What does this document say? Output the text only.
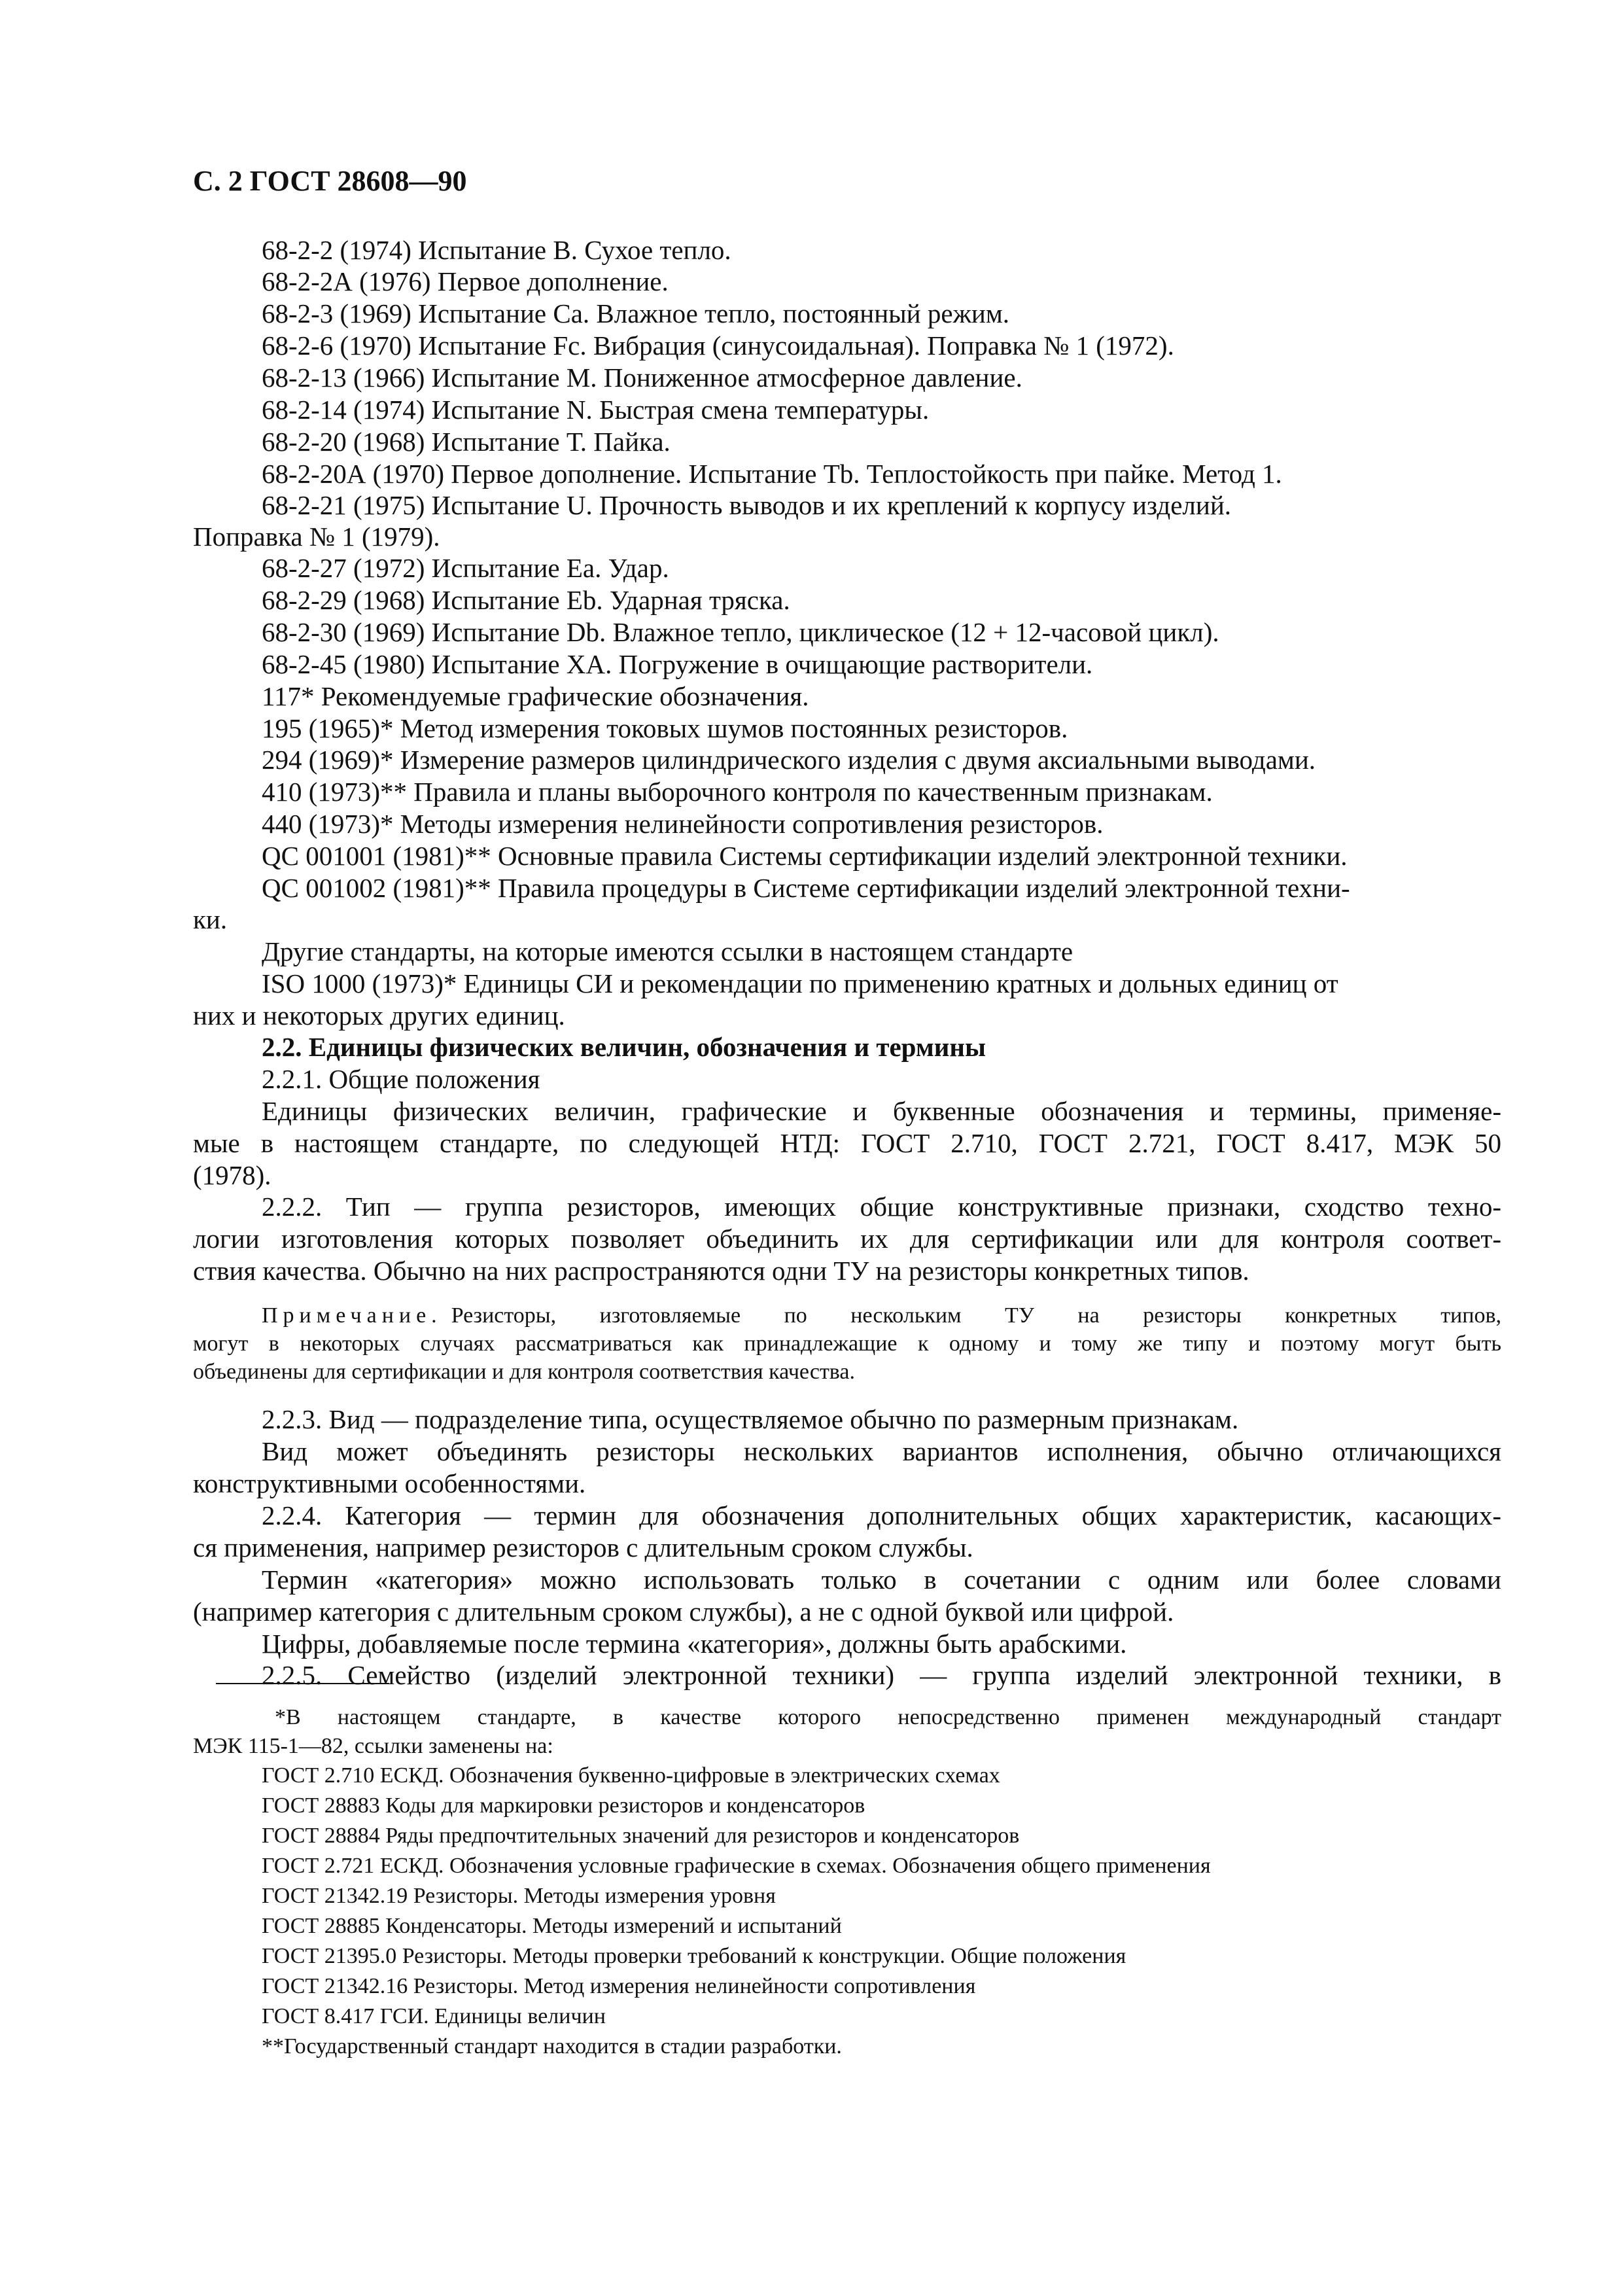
С. 2 ГОСТ 28608—90
68-2-2 (1974) Испытание В. Сухое тепло.
68-2-2А (1976) Первое дополнение.
68-2-3 (1969) Испытание Са. Влажное тепло, постоянный режим.
68-2-6 (1970) Испытание Fc. Вибрация (синусоидальная). Поправка № 1 (1972).
68-2-13 (1966) Испытание М. Пониженное атмосферное давление.
68-2-14 (1974) Испытание N. Быстрая смена температуры.
68-2-20 (1968) Испытание Т. Пайка.
68-2-20А (1970) Первое дополнение. Испытание Tb. Теплостойкость при пайке. Метод 1.
68-2-21 (1975) Испытание U. Прочность выводов и их креплений к корпусу изделий.
Поправка № 1 (1979).
68-2-27 (1972) Испытание Еа. Удар.
68-2-29 (1968) Испытание Eb. Ударная тряска.
68-2-30 (1969) Испытание Db. Влажное тепло, циклическое (12 + 12-часовой цикл).
68-2-45 (1980) Испытание ХА. Погружение в очищающие растворители.
117* Рекомендуемые графические обозначения.
195 (1965)* Метод измерения токовых шумов постоянных резисторов.
294 (1969)* Измерение размеров цилиндрического изделия с двумя аксиальными выводами.
410 (1973)** Правила и планы выборочного контроля по качественным признакам.
440 (1973)* Методы измерения нелинейности сопротивления резисторов.
QC 001001 (1981)** Основные правила Системы сертификации изделий электронной техники.
QC 001002 (1981)** Правила процедуры в Системе сертификации изделий электронной техни-
ки.
Другие стандарты, на которые имеются ссылки в настоящем стандарте
ISO 1000 (1973)* Единицы СИ и рекомендации по применению кратных и дольных единиц от
них и некоторых других единиц.
2.2. Единицы физических величин, обозначения и термины
2.2.1. Общие положения
Единицы физических величин, графические и буквенные обозначения и термины, применяе-
мые в настоящем стандарте, по следующей НТД: ГОСТ 2.710, ГОСТ 2.721, ГОСТ 8.417, МЭК 50
(1978).
2.2.2. Тип — группа резисторов, имеющих общие конструктивные признаки, сходство техно-
логии изготовления которых позволяет объединить их для сертификации или для контроля соответ-
ствия качества. Обычно на них распространяются одни ТУ на резисторы конкретных типов.
Примечание. Резисторы, изготовляемые по нескольким ТУ на резисторы конкретных типов,
могут в некоторых случаях рассматриваться как принадлежащие к одному и тому же типу и поэтому могут быть
объединены для сертификации и для контроля соответствия качества.
2.2.3. Вид — подразделение типа, осуществляемое обычно по размерным признакам.
Вид может объединять резисторы нескольких вариантов исполнения, обычно отличающихся
конструктивными особенностями.
2.2.4. Категория — термин для обозначения дополнительных общих характеристик, касающих-
ся применения, например резисторов с длительным сроком службы.
Термин «категория» можно использовать только в сочетании с одним или более словами
(например категория с длительным сроком службы), а не с одной буквой или цифрой.
Цифры, добавляемые после термина «категория», должны быть арабскими.
2.2.5. Семейство (изделий электронной техники) — группа изделий электронной техники, в
*В настоящем стандарте, в качестве которого непосредственно применен международный стандарт
МЭК 115-1—82, ссылки заменены на:
ГОСТ 2.710 ЕСКД. Обозначения буквенно-цифровые в электрических схемах
ГОСТ 28883 Коды для маркировки резисторов и конденсаторов
ГОСТ 28884 Ряды предпочтительных значений для резисторов и конденсаторов
ГОСТ 2.721 ЕСКД. Обозначения условные графические в схемах. Обозначения общего применения
ГОСТ 21342.19 Резисторы. Методы измерения уровня
ГОСТ 28885 Конденсаторы. Методы измерений и испытаний
ГОСТ 21395.0 Резисторы. Методы проверки требований к конструкции. Общие положения
ГОСТ 21342.16 Резисторы. Метод измерения нелинейности сопротивления
ГОСТ 8.417 ГСИ. Единицы величин
**Государственный стандарт находится в стадии разработки.
